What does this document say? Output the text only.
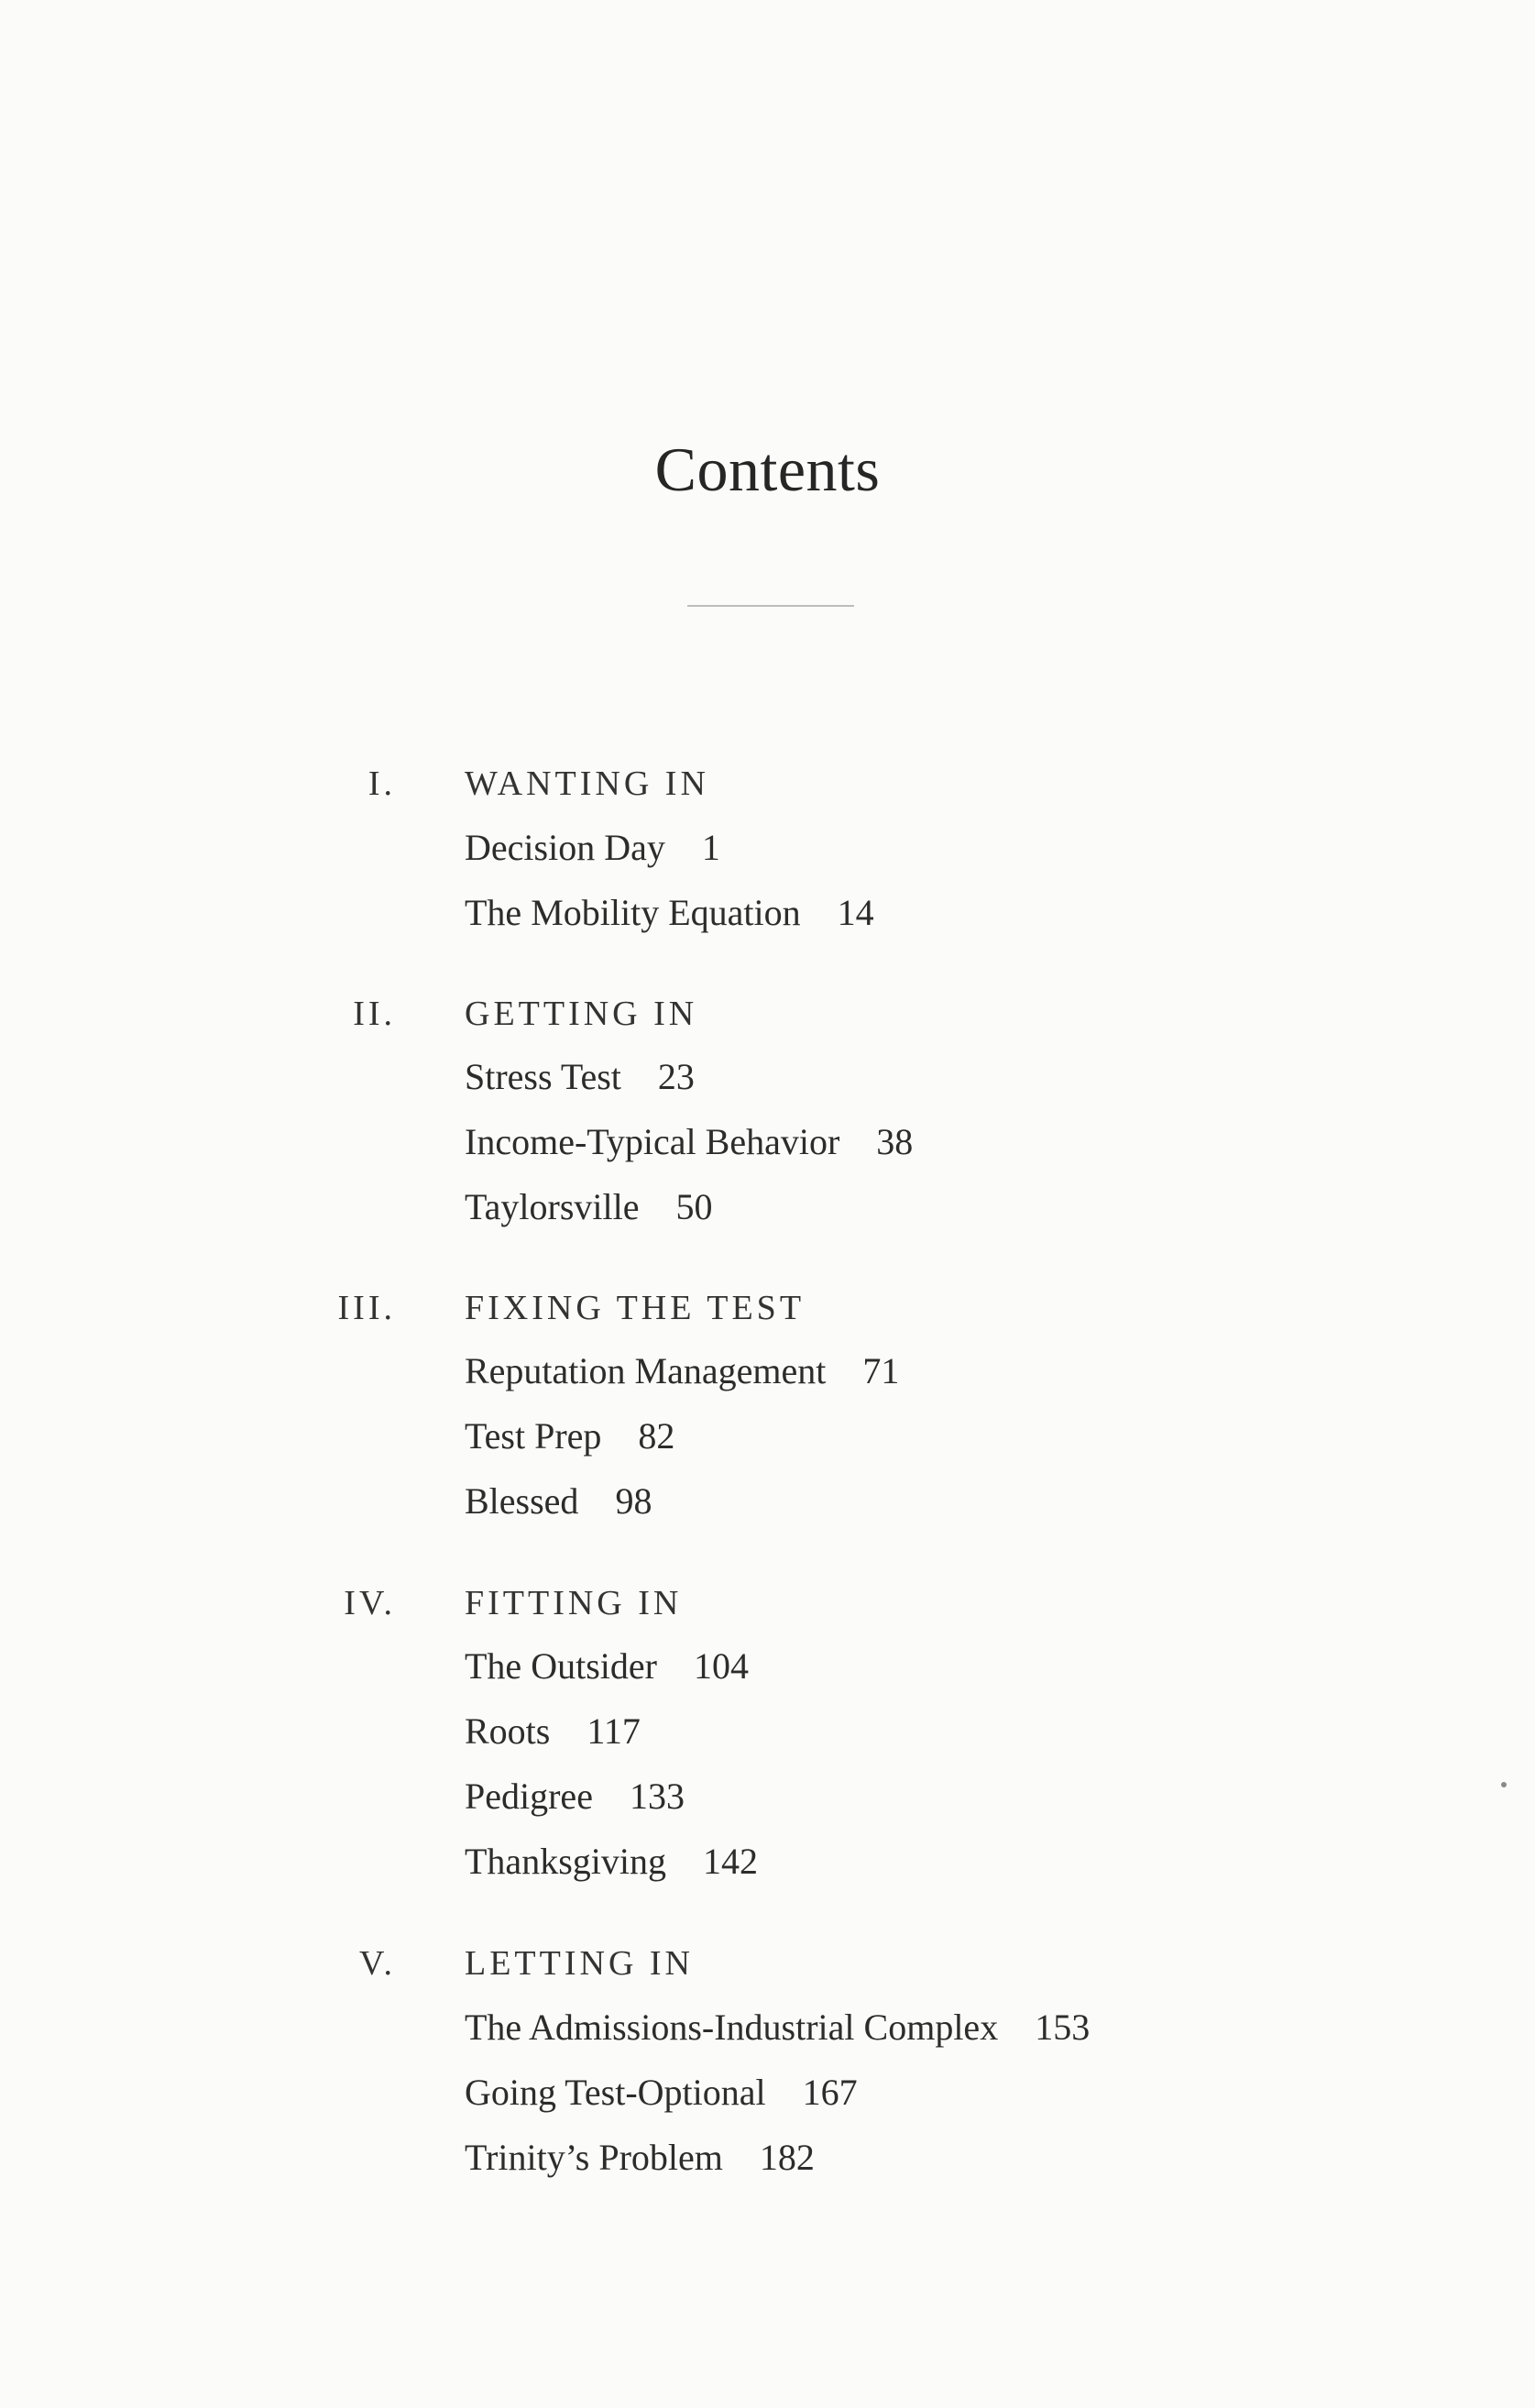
Contents
I. WANTING IN
Decision Day 1
The Mobility Equation 14
II. GETTING IN
Stress Test 23
Income-Typical Behavior 38
Taylorsville 50
III. FIXING THE TEST
Reputation Management 71
Test Prep 82
Blessed 98
IV. FITTING IN
The Outsider 104
Roots 117
Pedigree 133
Thanksgiving 142
V. LETTING IN
The Admissions-Industrial Complex 153
Going Test-Optional 167
Trinity’s Problem 182
